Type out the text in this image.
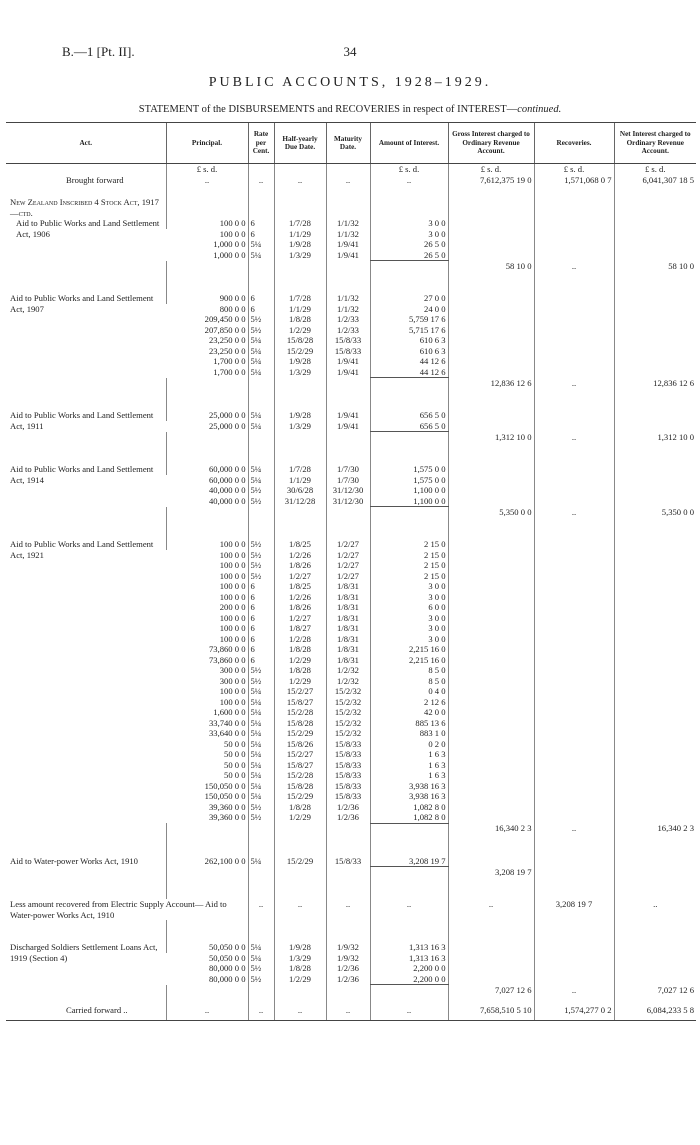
B.—1 [Pt. II].	34
PUBLIC ACCOUNTS, 1928–1929.
STATEMENT of the DISBURSEMENTS and RECOVERIES in respect of INTEREST—continued.
Act.	Principal.	Rate per Cent.	Half-yearly Due Date.	Maturity Date.	Amount of Interest.	Gross Interest charged to Ordinary Revenue Account.	Recoveries.	Net Interest charged to Ordinary Revenue Account.
	£ s. d.				£ s. d.	£ s. d.	£ s. d.	£ s. d.
Brought forward	..	..	..	..	..	7,612,375 19 0	1,571,068 0 7	6,041,307 18 5

New Zealand Inscribed 4 Stock Act, 1917—ctd.								
Aid to Public Works and Land Settlement Act, 1906	100 0 0	6	1/7/28	1/1/32	3 0 0			
	100 0 0	6	1/1/29	1/1/32	3 0 0			
	1,000 0 0	5¼	1/9/28	1/9/41	26 5 0			
	1,000 0 0	5¼	1/3/29	1/9/41	26 5 0			
						58 10 0	..	58 10 0

Aid to Public Works and Land Settlement Act, 1907	900 0 0	6	1/7/28	1/1/32	27 0 0			
	800 0 0	6	1/1/29	1/1/32	24 0 0			
	209,450 0 0	5½	1/8/28	1/2/33	5,759 17 6			
	207,850 0 0	5½	1/2/29	1/2/33	5,715 17 6			
	23,250 0 0	5¼	15/8/28	15/8/33	610 6 3			
	23,250 0 0	5¼	15/2/29	15/8/33	610 6 3			
	1,700 0 0	5¼	1/9/28	1/9/41	44 12 6			
	1,700 0 0	5¼	1/3/29	1/9/41	44 12 6			
						12,836 12 6	..	12,836 12 6

Aid to Public Works and Land Settlement Act, 1911	25,000 0 0	5¼	1/9/28	1/9/41	656 5 0			
	25,000 0 0	5¼	1/3/29	1/9/41	656 5 0			
						1,312 10 0	..	1,312 10 0

Aid to Public Works and Land Settlement Act, 1914	60,000 0 0	5¼	1/7/28	1/7/30	1,575 0 0			
	60,000 0 0	5¼	1/1/29	1/7/30	1,575 0 0			
	40,000 0 0	5½	30/6/28	31/12/30	1,100 0 0			
	40,000 0 0	5½	31/12/28	31/12/30	1,100 0 0			
						5,350 0 0	..	5,350 0 0

Aid to Public Works and Land Settlement Act, 1921	100 0 0	5½	1/8/25	1/2/27	2 15 0			
	100 0 0	5½	1/2/26	1/2/27	2 15 0			
	100 0 0	5½	1/8/26	1/2/27	2 15 0			
	100 0 0	5½	1/2/27	1/2/27	2 15 0			
	100 0 0	6	1/8/25	1/8/31	3 0 0			
	100 0 0	6	1/2/26	1/8/31	3 0 0			
	200 0 0	6	1/8/26	1/8/31	6 0 0			
	100 0 0	6	1/2/27	1/8/31	3 0 0			
	100 0 0	6	1/8/27	1/8/31	3 0 0			
	100 0 0	6	1/2/28	1/8/31	3 0 0			
	73,860 0 0	6	1/8/28	1/8/31	2,215 16 0			
	73,860 0 0	6	1/2/29	1/8/31	2,215 16 0			
	300 0 0	5½	1/8/28	1/2/32	8 5 0			
	300 0 0	5½	1/2/29	1/2/32	8 5 0			
	100 0 0	5¼	15/2/27	15/2/32	0 4 0			
	100 0 0	5¼	15/8/27	15/2/32	2 12 6			
	1,600 0 0	5¼	15/2/28	15/2/32	42 0 0			
	33,740 0 0	5¼	15/8/28	15/2/32	885 13 6			
	33,640 0 0	5¼	15/2/29	15/2/32	883 1 0			
	50 0 0	5¼	15/8/26	15/8/33	0 2 0			
	50 0 0	5¼	15/2/27	15/8/33	1 6 3			
	50 0 0	5¼	15/8/27	15/8/33	1 6 3			
	50 0 0	5¼	15/2/28	15/8/33	1 6 3			
	150,050 0 0	5¼	15/8/28	15/8/33	3,938 16 3			
	150,050 0 0	5¼	15/2/29	15/8/33	3,938 16 3			
	39,360 0 0	5½	1/8/28	1/2/36	1,082 8 0			
	39,360 0 0	5½	1/2/29	1/2/36	1,082 8 0			
						16,340 2 3	..	16,340 2 3

Aid to Water-power Works Act, 1910	262,100 0 0	5¼	15/2/29	15/8/33	3,208 19 7			
						3,208 19 7		

Less amount recovered from Electric Supply Account— Aid to Water-power Works Act, 1910		..	..	..	..	..	3,208 19 7	..

Discharged Soldiers Settlement Loans Act, 1919 (Section 4)	50,050 0 0	5¼	1/9/28	1/9/32	1,313 16 3			
	50,050 0 0	5¼	1/3/29	1/9/32	1,313 16 3			
	80,000 0 0	5½	1/8/28	1/2/36	2,200 0 0			
	80,000 0 0	5½	1/2/29	1/2/36	2,200 0 0			
						7,027 12 6	..	7,027 12 6
Carried forward ..	..	..	..	..	..	7,658,510 5 10	1,574,277 0 2	6,084,233 5 8
